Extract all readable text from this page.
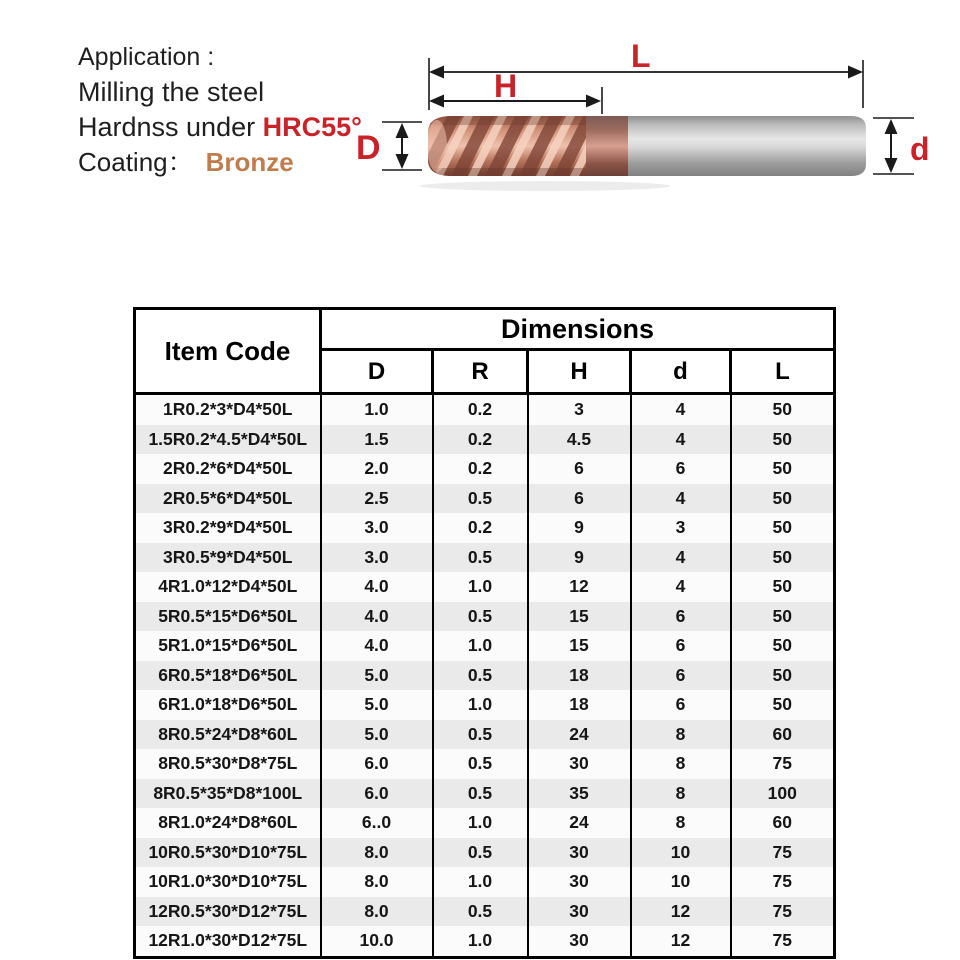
Application :
Milling the steel
Hardnss under HRC55°
Coating： Bronze
L
H
D	d
Item Code	Dimensions				
	D	R	H	d	L
1R0.2*3*D4*50L	1.0	0.2	3	4	50
1.5R0.2*4.5*D4*50L	1.5	0.2	4.5	4	50
2R0.2*6*D4*50L	2.0	0.2	6	6	50
2R0.5*6*D4*50L	2.5	0.5	6	4	50
3R0.2*9*D4*50L	3.0	0.2	9	3	50
3R0.5*9*D4*50L	3.0	0.5	9	4	50
4R1.0*12*D4*50L	4.0	1.0	12	4	50
5R0.5*15*D6*50L	4.0	0.5	15	6	50
5R1.0*15*D6*50L	4.0	1.0	15	6	50
6R0.5*18*D6*50L	5.0	0.5	18	6	50
6R1.0*18*D6*50L	5.0	1.0	18	6	50
8R0.5*24*D8*60L	5.0	0.5	24	8	60
8R0.5*30*D8*75L	6.0	0.5	30	8	75
8R0.5*35*D8*100L	6.0	0.5	35	8	100
8R1.0*24*D8*60L	6..0	1.0	24	8	60
10R0.5*30*D10*75L	8.0	0.5	30	10	75
10R1.0*30*D10*75L	8.0	1.0	30	10	75
12R0.5*30*D12*75L	8.0	0.5	30	12	75
12R1.0*30*D12*75L	10.0	1.0	30	12	75
